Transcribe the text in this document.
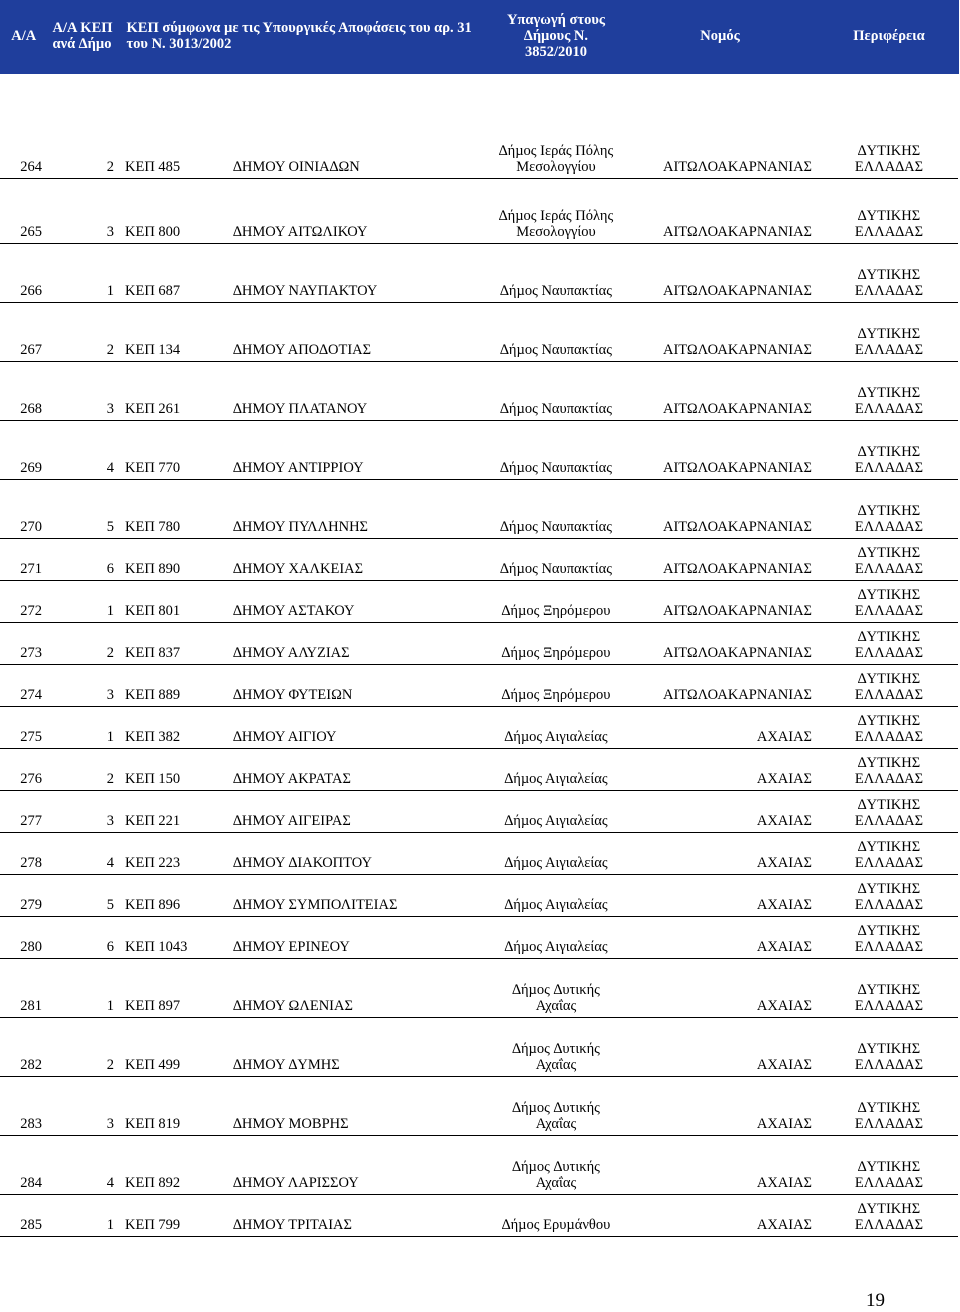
Α/Α	Α/Α ΚΕΠ ανά ∆ήµο	ΚΕΠ σύµφωνα µε τις Υπουργικές Αποφάσεις του αρ. 31 του Ν. 3013/2002	Υπαγωγή στους ∆ήµους Ν. 3852/2010	Νοµός	Περιφέρεια
264	2	ΚΕΠ 485 ∆ΗΜΟΥ ΟΙΝΙΑ∆ΩΝ	∆ήµος Ιεράς Πόλης Μεσολογγίου	ΑΙΤΩΛΟΑΚΑΡΝΑΝΙΑΣ	∆ΥΤΙΚΗΣ ΕΛΛΑ∆ΑΣ
265	3	ΚΕΠ 800 ∆ΗΜΟΥ ΑΙΤΩΛΙΚΟΥ	∆ήµος Ιεράς Πόλης Μεσολογγίου	ΑΙΤΩΛΟΑΚΑΡΝΑΝΙΑΣ	∆ΥΤΙΚΗΣ ΕΛΛΑ∆ΑΣ
266	1	ΚΕΠ 687 ∆ΗΜΟΥ ΝΑΥΠΑΚΤΟΥ	∆ήµος Ναυπακτίας	ΑΙΤΩΛΟΑΚΑΡΝΑΝΙΑΣ	∆ΥΤΙΚΗΣ ΕΛΛΑ∆ΑΣ
267	2	ΚΕΠ 134 ∆ΗΜΟΥ ΑΠΟ∆ΟΤΙΑΣ	∆ήµος Ναυπακτίας	ΑΙΤΩΛΟΑΚΑΡΝΑΝΙΑΣ	∆ΥΤΙΚΗΣ ΕΛΛΑ∆ΑΣ
268	3	ΚΕΠ 261 ∆ΗΜΟΥ ΠΛΑΤΑΝΟΥ	∆ήµος Ναυπακτίας	ΑΙΤΩΛΟΑΚΑΡΝΑΝΙΑΣ	∆ΥΤΙΚΗΣ ΕΛΛΑ∆ΑΣ
269	4	ΚΕΠ 770 ∆ΗΜΟΥ ΑΝΤΙΡΡΙΟΥ	∆ήµος Ναυπακτίας	ΑΙΤΩΛΟΑΚΑΡΝΑΝΙΑΣ	∆ΥΤΙΚΗΣ ΕΛΛΑ∆ΑΣ
270	5	ΚΕΠ 780 ∆ΗΜΟΥ ΠΥΛΛΗΝΗΣ	∆ήµος Ναυπακτίας	ΑΙΤΩΛΟΑΚΑΡΝΑΝΙΑΣ	∆ΥΤΙΚΗΣ ΕΛΛΑ∆ΑΣ
271	6	ΚΕΠ 890 ∆ΗΜΟΥ ΧΑΛΚΕΙΑΣ	∆ήµος Ναυπακτίας	ΑΙΤΩΛΟΑΚΑΡΝΑΝΙΑΣ	∆ΥΤΙΚΗΣ ΕΛΛΑ∆ΑΣ
272	1	ΚΕΠ 801 ∆ΗΜΟΥ ΑΣΤΑΚΟΥ	∆ήµος Ξηρόµερου	ΑΙΤΩΛΟΑΚΑΡΝΑΝΙΑΣ	∆ΥΤΙΚΗΣ ΕΛΛΑ∆ΑΣ
273	2	ΚΕΠ 837 ∆ΗΜΟΥ ΑΛΥΖΙΑΣ	∆ήµος Ξηρόµερου	ΑΙΤΩΛΟΑΚΑΡΝΑΝΙΑΣ	∆ΥΤΙΚΗΣ ΕΛΛΑ∆ΑΣ
274	3	ΚΕΠ 889 ∆ΗΜΟΥ ΦΥΤΕΙΩΝ	∆ήµος Ξηρόµερου	ΑΙΤΩΛΟΑΚΑΡΝΑΝΙΑΣ	∆ΥΤΙΚΗΣ ΕΛΛΑ∆ΑΣ
275	1	ΚΕΠ 382 ∆ΗΜΟΥ ΑΙΓΙΟΥ	∆ήµος Αιγιαλείας	ΑΧΑΙΑΣ	∆ΥΤΙΚΗΣ ΕΛΛΑ∆ΑΣ
276	2	ΚΕΠ 150 ∆ΗΜΟΥ ΑΚΡΑΤΑΣ	∆ήµος Αιγιαλείας	ΑΧΑΙΑΣ	∆ΥΤΙΚΗΣ ΕΛΛΑ∆ΑΣ
277	3	ΚΕΠ 221 ∆ΗΜΟΥ ΑΙΓΕΙΡΑΣ	∆ήµος Αιγιαλείας	ΑΧΑΙΑΣ	∆ΥΤΙΚΗΣ ΕΛΛΑ∆ΑΣ
278	4	ΚΕΠ 223 ∆ΗΜΟΥ ∆ΙΑΚΟΠΤΟΥ	∆ήµος Αιγιαλείας	ΑΧΑΙΑΣ	∆ΥΤΙΚΗΣ ΕΛΛΑ∆ΑΣ
279	5	ΚΕΠ 896 ∆ΗΜΟΥ ΣΥΜΠΟΛΙΤΕΙΑΣ	∆ήµος Αιγιαλείας	ΑΧΑΙΑΣ	∆ΥΤΙΚΗΣ ΕΛΛΑ∆ΑΣ
280	6	ΚΕΠ 1043 ∆ΗΜΟΥ ΕΡΙΝΕΟΥ	∆ήµος Αιγιαλείας	ΑΧΑΙΑΣ	∆ΥΤΙΚΗΣ ΕΛΛΑ∆ΑΣ
281	1	ΚΕΠ 897 ∆ΗΜΟΥ ΩΛΕΝΙΑΣ	∆ήµος ∆υτικής Αχαΐας	ΑΧΑΙΑΣ	∆ΥΤΙΚΗΣ ΕΛΛΑ∆ΑΣ
282	2	ΚΕΠ 499 ∆ΗΜΟΥ ∆ΥΜΗΣ	∆ήµος ∆υτικής Αχαΐας	ΑΧΑΙΑΣ	∆ΥΤΙΚΗΣ ΕΛΛΑ∆ΑΣ
283	3	ΚΕΠ 819 ∆ΗΜΟΥ ΜΟΒΡΗΣ	∆ήµος ∆υτικής Αχαΐας	ΑΧΑΙΑΣ	∆ΥΤΙΚΗΣ ΕΛΛΑ∆ΑΣ
284	4	ΚΕΠ 892 ∆ΗΜΟΥ ΛΑΡΙΣΣΟΥ	∆ήµος ∆υτικής Αχαΐας	ΑΧΑΙΑΣ	∆ΥΤΙΚΗΣ ΕΛΛΑ∆ΑΣ
285	1	ΚΕΠ 799 ∆ΗΜΟΥ ΤΡΙΤΑΙΑΣ	∆ήµος Ερυµάνθου	ΑΧΑΙΑΣ	∆ΥΤΙΚΗΣ ΕΛΛΑ∆ΑΣ
19
